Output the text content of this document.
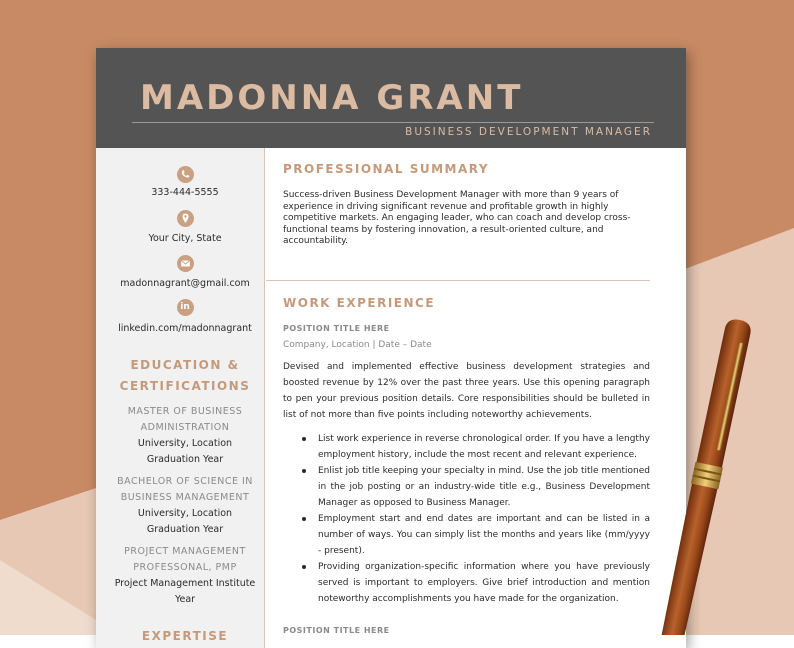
MADONNA GRANT
BUSINESS DEVELOPMENT MANAGER
333-444-5555
Your City, State
madonnagrant@gmail.com
in
linkedin.com/madonnagrant
EDUCATION &
CERTIFICATIONS
MASTER OF BUSINESS
ADMINISTRATION
University, Location
Graduation Year
BACHELOR OF SCIENCE IN
BUSINESS MANAGEMENT
University, Location
Graduation Year
PROJECT MANAGEMENT
PROFESSONAL, PMP
Project Management Institute
Year
EXPERTISE
PROFESSIONAL SUMMARY

Success-driven Business Development Manager with more than 9 years of experience in driving significant revenue and profitable growth in highly competitive markets. An engaging leader, who can coach and develop cross-functional teams by fostering innovation, a result-oriented culture, and accountability.

WORK EXPERIENCE
POSITION TITLE HERE
Company, Location | Date – Date

Devised and implemented effective business development strategies and boosted revenue by 12% over the past three years. Use this opening paragraph to pen your previous position details. Core responsibilities should be bulleted in list of not more than five points including noteworthy achievements.

List work experience in reverse chronological order. If you have a lengthy employment history, include the most recent and relevant experience.
Enlist job title keeping your specialty in mind. Use the job title mentioned in the job posting or an industry-wide title e.g., Business Development Manager as opposed to Business Manager.
Employment start and end dates are important and can be listed in a number of ways. You can simply list the months and years like (mm/yyyy - present).
Providing organization-specific information where you have previously served is important to employers. Give brief introduction and mention noteworthy accomplishments you have made for the organization.
POSITION TITLE HERE
